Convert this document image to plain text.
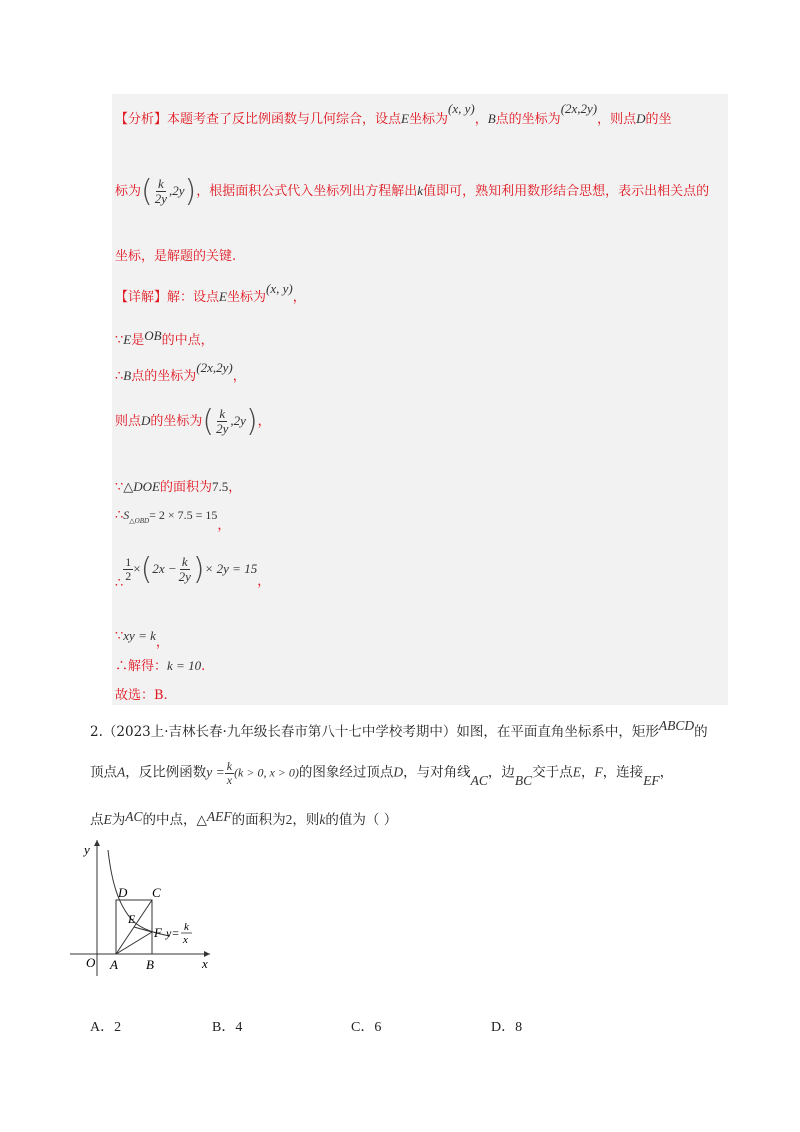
【分析】本题考查了反比例函数与几何综合，设点E坐标为(x, y)，B点的坐标为(2x,2y)，则点D的坐
标为( $\frac{k}{2y} ,2y$)，根据面积公式代入坐标列出方程解出k值即可，熟知利用数形结合思想，表示出相关点的
坐标，是解题的关键.
【详解】解：设点E坐标为(x, y)，
∵E是OB的中点，
∴B点的坐标为(2x,2y)，
则点D的坐标为( $\frac{k}{2y} ,2y$)，
∵△DOE的面积为7.5，
$\therefore S_{\triangle OBD}= 2 \times 7.5 = 15$，
∴
$\frac{1}{2} \times(2x - \frac{k}{2y}$ )× 2y = 15，
∵xy = k，
∴解得：k = 10.
故选：B.
2.（2023上·吉林长春·九年级长春市第八十七中学校考期中）如图，在平面直角坐标系中，矩形ABCD的
顶点A，反比例函数$y = \frac{k}{x} (k > 0$, x > 0)的图象经过顶点D，与对角线AC，边BC交于点E，F，连接EF，
点E为AC的中点，△AEF的面积为2，则k的值为（ ）
y
x
O A B
C
D
E
F y= k
x
A．2	B．4	C．6	D．8
